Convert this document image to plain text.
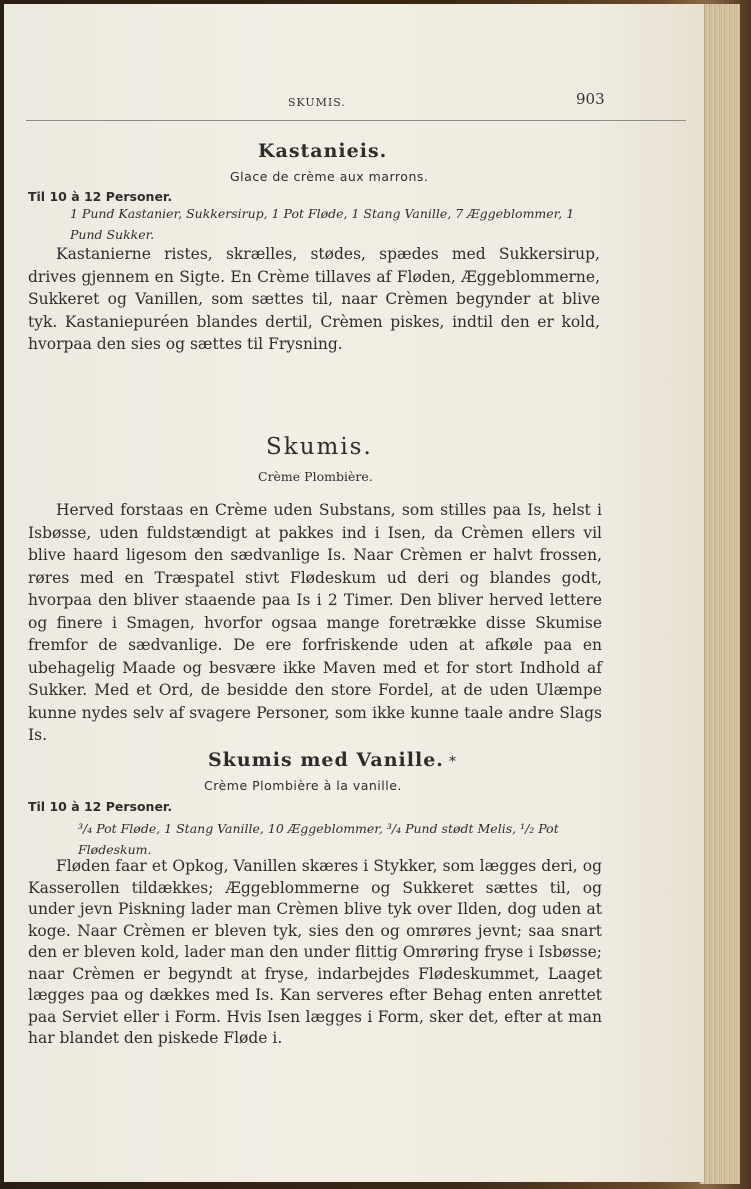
SKUMIS.	903
Kastanieis.
Glace de crème aux marrons.
Til 10 à 12 Personer.
1 Pund Kastanier, Sukkersirup, 1 Pot Fløde, 1 Stang Vanille, 7 Æggeblommer, 1 Pund Sukker.
Kastanierne ristes, skrælles, stødes, spædes med Sukkersirup, drives gjennem en Sigte. En Crème tillaves af Fløden, Æggeblommerne, Sukkeret og Vanillen, som sættes til, naar Crèmen begynder at blive tyk. Kastaniepuréen blandes dertil, Crèmen piskes, indtil den er kold, hvorpaa den sies og sættes til Frysning.
Skumis.
Crème Plombière.
Herved forstaas en Crème uden Substans, som stilles paa Is, helst i Isbøsse, uden fuldstændigt at pakkes ind i Isen, da Crèmen ellers vil blive haard ligesom den sædvanlige Is. Naar Crèmen er halvt frossen, røres med en Træspatel stivt Flødeskum ud deri og blandes godt, hvorpaa den bliver staaende paa Is i 2 Timer. Den bliver herved lettere og finere i Smagen, hvorfor ogsaa mange foretrække disse Skumise fremfor de sædvanlige. De ere forfriskende uden at afkøle paa en ubehagelig Maade og besvære ikke Maven med et for stort Indhold af Sukker. Med et Ord, de besidde den store Fordel, at de uden Ulæmpe kunne nydes selv af svagere Personer, som ikke kunne taale andre Slags Is.
Skumis med Vanille. *
Crème Plombière à la vanille.
Til 10 à 12 Personer.
³/₄ Pot Fløde, 1 Stang Vanille, 10 Æggeblommer, ³/₄ Pund stødt Melis, ¹/₂ Pot Flødeskum.
Fløden faar et Opkog, Vanillen skæres i Stykker, som lægges deri, og Kasserollen tildækkes; Æggeblommerne og Sukkeret sættes til, og under jevn Piskning lader man Crèmen blive tyk over Ilden, dog uden at koge. Naar Crèmen er bleven tyk, sies den og omrøres jevnt; saa snart den er bleven kold, lader man den under flittig Omrøring fryse i Isbøsse; naar Crèmen er begyndt at fryse, indarbejdes Flødeskummet, Laaget lægges paa og dækkes med Is. Kan serveres efter Behag enten anrettet paa Serviet eller i Form. Hvis Isen lægges i Form, sker det, efter at man har blandet den piskede Fløde i.
